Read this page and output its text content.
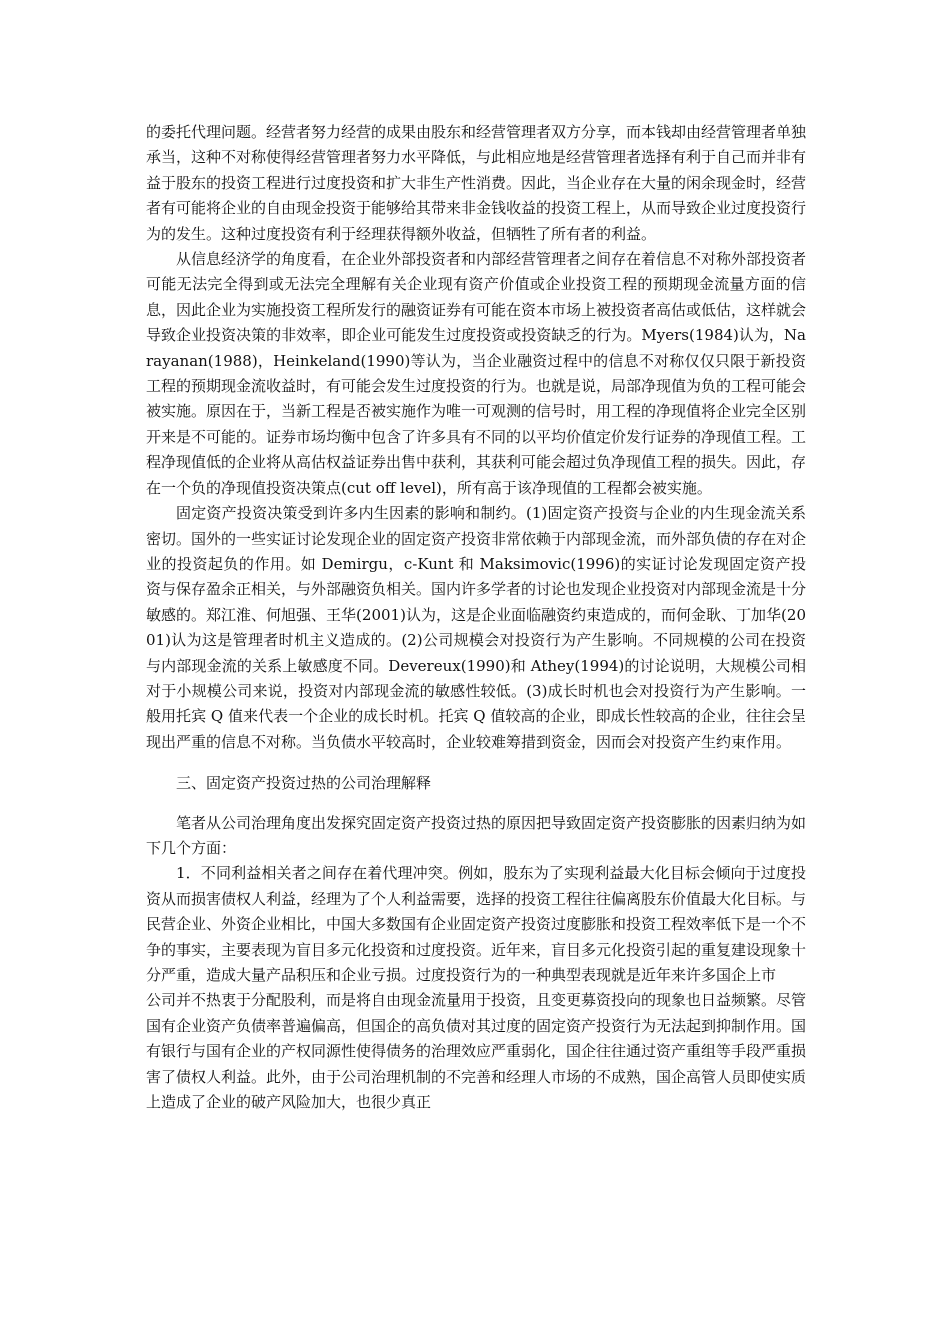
的委托代理问题。经营者努力经营的成果由股东和经营管理者双方分享，而本钱却由经营管理者单独承当，这种不对称使得经营管理者努力水平降低，与此相应地是经营管理者选择有利于自己而并非有益于股东的投资工程进行过度投资和扩大非生产性消费。因此，当企业存在大量的闲余现金时，经营者有可能将企业的自由现金投资于能够给其带来非金钱收益的投资工程上，从而导致企业过度投资行为的发生。这种过度投资有利于经理获得额外收益，但牺牲了所有者的利益。

从信息经济学的角度看，在企业外部投资者和内部经营管理者之间存在着信息不对称外部投资者可能无法完全得到或无法完全理解有关企业现有资产价值或企业投资工程的预期现金流量方面的信息，因此企业为实施投资工程所发行的融资证券有可能在资本市场上被投资者高估或低估，这样就会导致企业投资决策的非效率，即企业可能发生过度投资或投资缺乏的行为。Myers(1984)认为，Narayanan(1988)，Heinkeland(1990)等认为，当企业融资过程中的信息不对称仅仅只限于新投资工程的预期现金流收益时，有可能会发生过度投资的行为。也就是说，局部净现值为负的工程可能会被实施。原因在于，当新工程是否被实施作为唯一可观测的信号时，用工程的净现值将企业完全区别开来是不可能的。证券市场均衡中包含了许多具有不同的以平均价值定价发行证券的净现值工程。工程净现值低的企业将从高估权益证券出售中获利，其获利可能会超过负净现值工程的损失。因此，存在一个负的净现值投资决策点(cut off level)，所有高于该净现值的工程都会被实施。

固定资产投资决策受到许多内生因素的影响和制约。(1)固定资产投资与企业的内生现金流关系密切。国外的一些实证讨论发现企业的固定资产投资非常依赖于内部现金流，而外部负债的存在对企业的投资起负的作用。如 Demirgu，c-Kunt 和 Maksimovic(1996)的实证讨论发现固定资产投资与保存盈余正相关，与外部融资负相关。国内许多学者的讨论也发现企业投资对内部现金流是十分敏感的。郑江淮、何旭强、王华(2001)认为，这是企业面临融资约束造成的，而何金耿、丁加华(2001)认为这是管理者时机主义造成的。(2)公司规模会对投资行为产生影响。不同规模的公司在投资与内部现金流的关系上敏感度不同。Devereux(1990)和 Athey(1994)的讨论说明，大规模公司相对于小规模公司来说，投资对内部现金流的敏感性较低。(3)成长时机也会对投资行为产生影响。一般用托宾 Q 值来代表一个企业的成长时机。托宾 Q 值较高的企业，即成长性较高的企业，往往会呈现出严重的信息不对称。当负债水平较高时，企业较难筹措到资金，因而会对投资产生约束作用。

三、固定资产投资过热的公司治理解释

笔者从公司治理角度出发探究固定资产投资过热的原因把导致固定资产投资膨胀的因素归纳为如下几个方面：

1．不同利益相关者之间存在着代理冲突。例如，股东为了实现利益最大化目标会倾向于过度投资从而损害债权人利益，经理为了个人利益需要，选择的投资工程往往偏离股东价值最大化目标。与民营企业、外资企业相比，中国大多数国有企业固定资产投资过度膨胀和投资工程效率低下是一个不争的事实，主要表现为盲目多元化投资和过度投资。近年来，盲目多元化投资引起的重复建设现象十分严重，造成大量产品积压和企业亏损。过度投资行为的一种典型表现就是近年来许多国企上市

公司并不热衷于分配股利，而是将自由现金流量用于投资，且变更募资投向的现象也日益频繁。尽管国有企业资产负债率普遍偏高，但国企的高负债对其过度的固定资产投资行为无法起到抑制作用。国有银行与国有企业的产权同源性使得债务的治理效应严重弱化，国企往往通过资产重组等手段严重损害了债权人利益。此外，由于公司治理机制的不完善和经理人市场的不成熟，国企高管人员即使实质上造成了企业的破产风险加大，也很少真正
